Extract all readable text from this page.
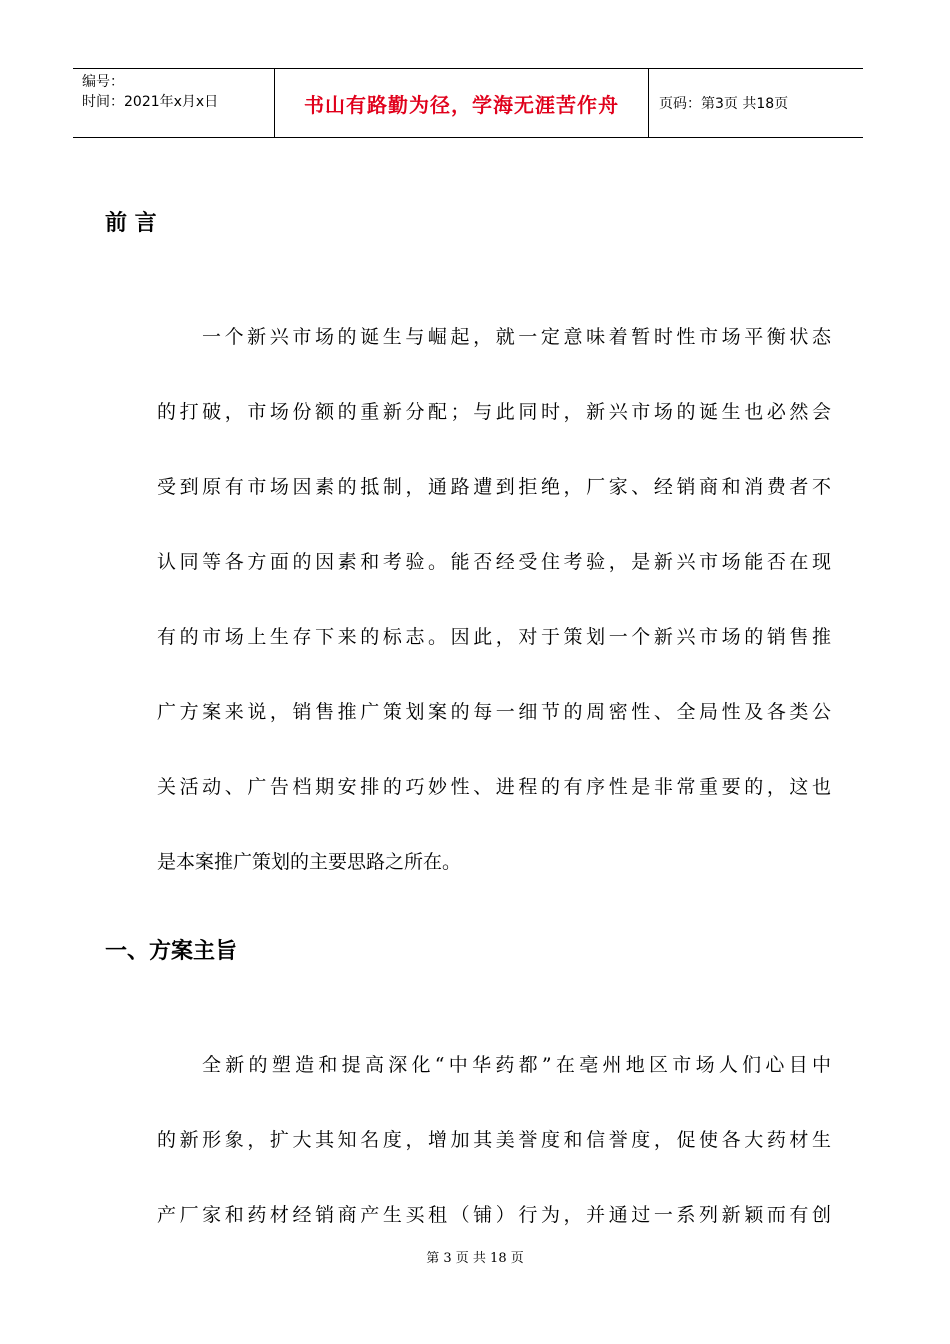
编号：
时间：2021年x月x日	书山有路勤为径，学海无涯苦作舟	页码：第3页 共18页
前 言
一个新兴市场的诞生与崛起，就一定意味着暂时性市场平衡状态
的打破，市场份额的重新分配；与此同时，新兴市场的诞生也必然会
受到原有市场因素的抵制，通路遭到拒绝，厂家、经销商和消费者不
认同等各方面的因素和考验。能否经受住考验，是新兴市场能否在现
有的市场上生存下来的标志。因此，对于策划一个新兴市场的销售推
广方案来说，销售推广策划案的每一细节的周密性、全局性及各类公
关活动、广告档期安排的巧妙性、进程的有序性是非常重要的，这也
是本案推广策划的主要思路之所在。
一、方案主旨
全新的塑造和提高深化“中华药都”在亳州地区市场人们心目中
的新形象，扩大其知名度，增加其美誉度和信誉度，促使各大药材生
产厂家和药材经销商产生买租（铺）行为，并通过一系列新颖而有创
第 3 页 共 18 页
